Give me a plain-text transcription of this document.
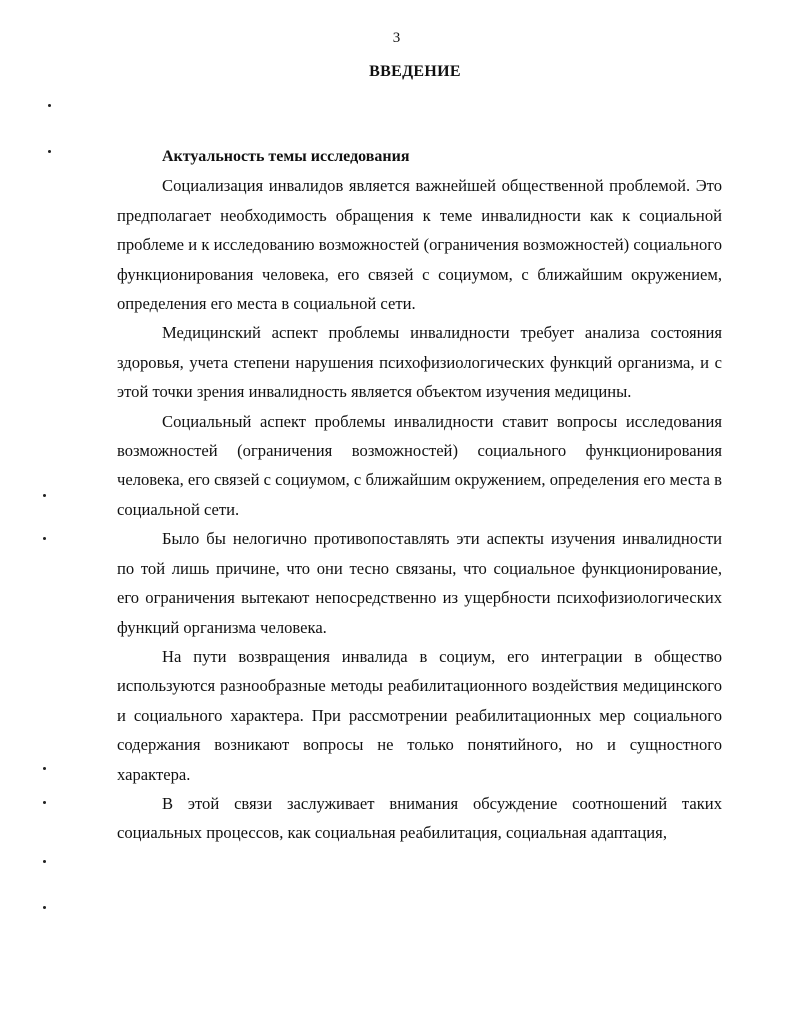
3
ВВЕДЕНИЕ

Актуальность темы исследования

Социализация инвалидов является важнейшей общественной проблемой. Это предполагает необходимость обращения к теме инвалидности как к социальной проблеме и к исследованию возможностей (ограничения возможностей) социального функционирования человека, его связей с социумом, с ближайшим окружением, определения его места в социальной сети.

Медицинский аспект проблемы инвалидности требует анализа состояния здоровья, учета степени нарушения психофизиологических функций организма, и с этой точки зрения инвалидность является объектом изучения медицины.

Социальный аспект проблемы инвалидности ставит вопросы исследования возможностей (ограничения возможностей) социального функционирования человека, его связей с социумом, с ближайшим окружением, определения его места в социальной сети.

Было бы нелогично противопоставлять эти аспекты изучения инвалидности по той лишь причине, что они тесно связаны, что социальное функционирование, его ограничения вытекают непосредственно из ущербности психофизиологических функций организма человека.

На пути возвращения инвалида в социум, его интеграции в общество используются разнообразные методы реабилитационного воздействия медицинского и социального характера. При рассмотрении реабилитационных мер социального содержания возникают вопросы не только понятийного, но и сущностного характера.

В этой связи заслуживает внимания обсуждение соотношений таких социальных процессов, как социальная реабилитация, социальная адаптация,
